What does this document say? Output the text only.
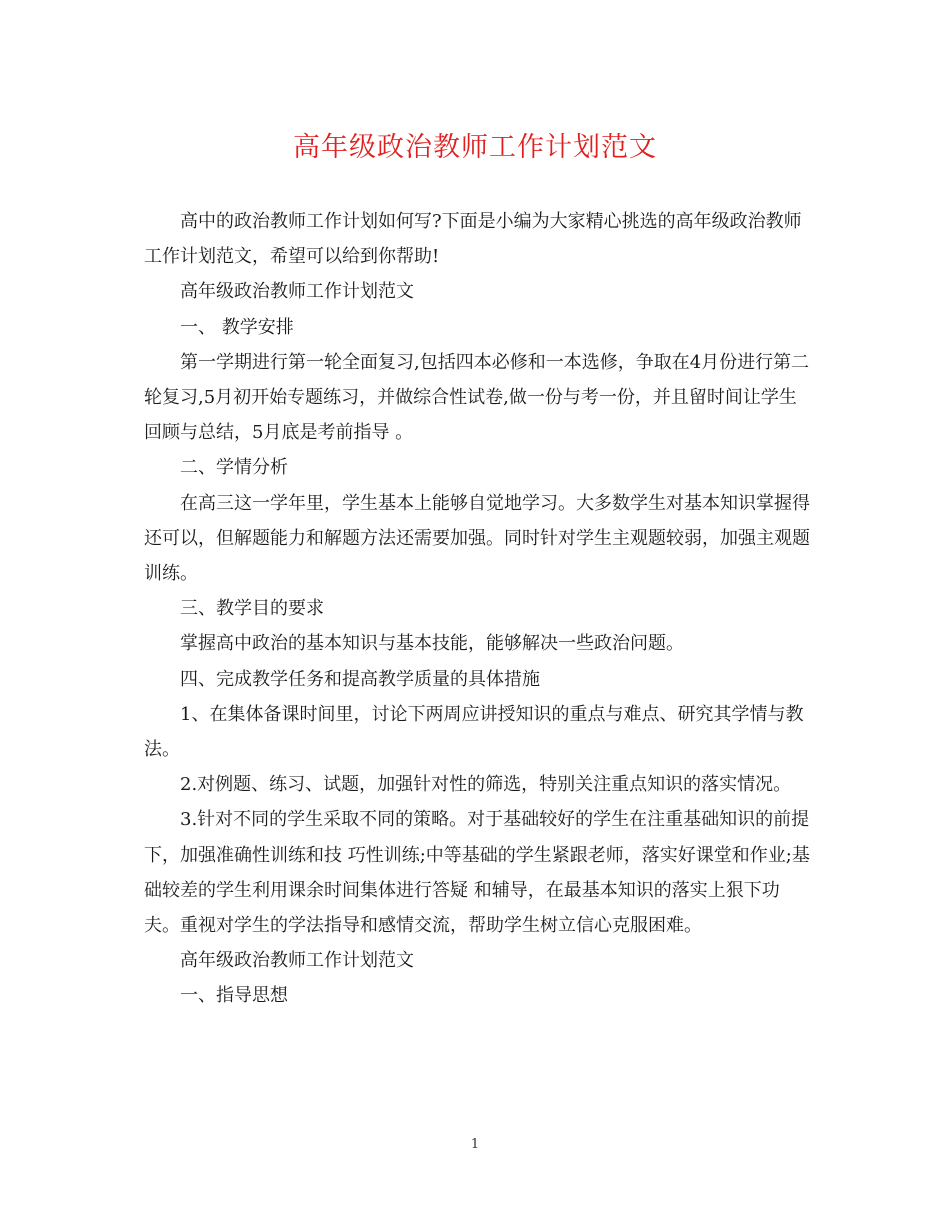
高年级政治教师工作计划范文

高中的政治教师工作计划如何写?下面是小编为大家精心挑选的高年级政治教师工作计划范文，希望可以给到你帮助!

高年级政治教师工作计划范文

一、 教学安排

第一学期进行第一轮全面复习,包括四本必修和一本选修，争取在4月份进行第二轮复习,5月初开始专题练习，并做综合性试卷,做一份与考一份，并且留时间让学生回顾与总结，5月底是考前指导 。

二、学情分析

在高三这一学年里，学生基本上能够自觉地学习。大多数学生对基本知识掌握得还可以，但解题能力和解题方法还需要加强。同时针对学生主观题较弱，加强主观题训练。

三、教学目的要求

掌握高中政治的基本知识与基本技能，能够解决一些政治问题。

四、完成教学任务和提高教学质量的具体措施

1、在集体备课时间里，讨论下两周应讲授知识的重点与难点、研究其学情与教法。

2.对例题、练习、试题，加强针对性的筛选，特别关注重点知识的落实情况。

3.针对不同的学生采取不同的策略。对于基础较好的学生在注重基础知识的前提下，加强准确性训练和技 巧性训练;中等基础的学生紧跟老师，落实好课堂和作业;基础较差的学生利用课余时间集体进行答疑 和辅导，在最基本知识的落实上狠下功夫。重视对学生的学法指导和感情交流，帮助学生树立信心克服困难。

高年级政治教师工作计划范文

一、指导思想

1
